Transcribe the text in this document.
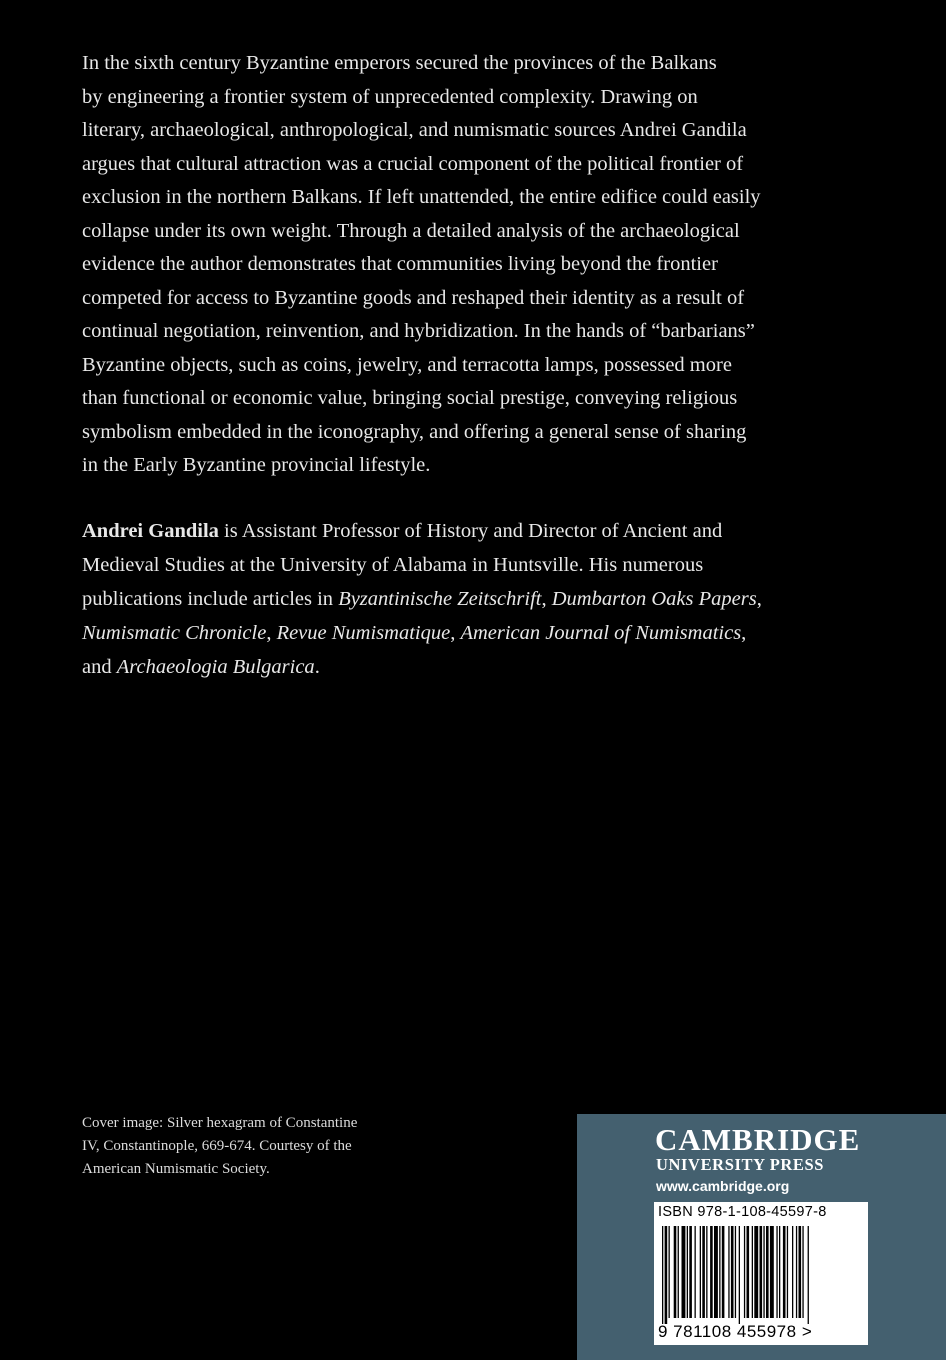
In the sixth century Byzantine emperors secured the provinces of the Balkans
by engineering a frontier system of unprecedented complexity. Drawing on
literary, archaeological, anthropological, and numismatic sources Andrei Gandila
argues that cultural attraction was a crucial component of the political frontier of
exclusion in the northern Balkans. If left unattended, the entire edifice could easily
collapse under its own weight. Through a detailed analysis of the archaeological
evidence the author demonstrates that communities living beyond the frontier
competed for access to Byzantine goods and reshaped their identity as a result of
continual negotiation, reinvention, and hybridization. In the hands of “barbarians”
Byzantine objects, such as coins, jewelry, and terracotta lamps, possessed more
than functional or economic value, bringing social prestige, conveying religious
symbolism embedded in the iconography, and offering a general sense of sharing
in the Early Byzantine provincial lifestyle.
Andrei Gandila is Assistant Professor of History and Director of Ancient and
Medieval Studies at the University of Alabama in Huntsville. His numerous
publications include articles in Byzantinische Zeitschrift, Dumbarton Oaks Papers,
Numismatic Chronicle, Revue Numismatique, American Journal of Numismatics,
and Archaeologia Bulgarica.
Cover image: Silver hexagram of Constantine
IV, Constantinople, 669-674. Courtesy of the
American Numismatic Society.
CAMBRIDGE
UNIVERSITY PRESS
www.cambridge.org
ISBN 978-1-108-45597-8
9 781108 455978 >
